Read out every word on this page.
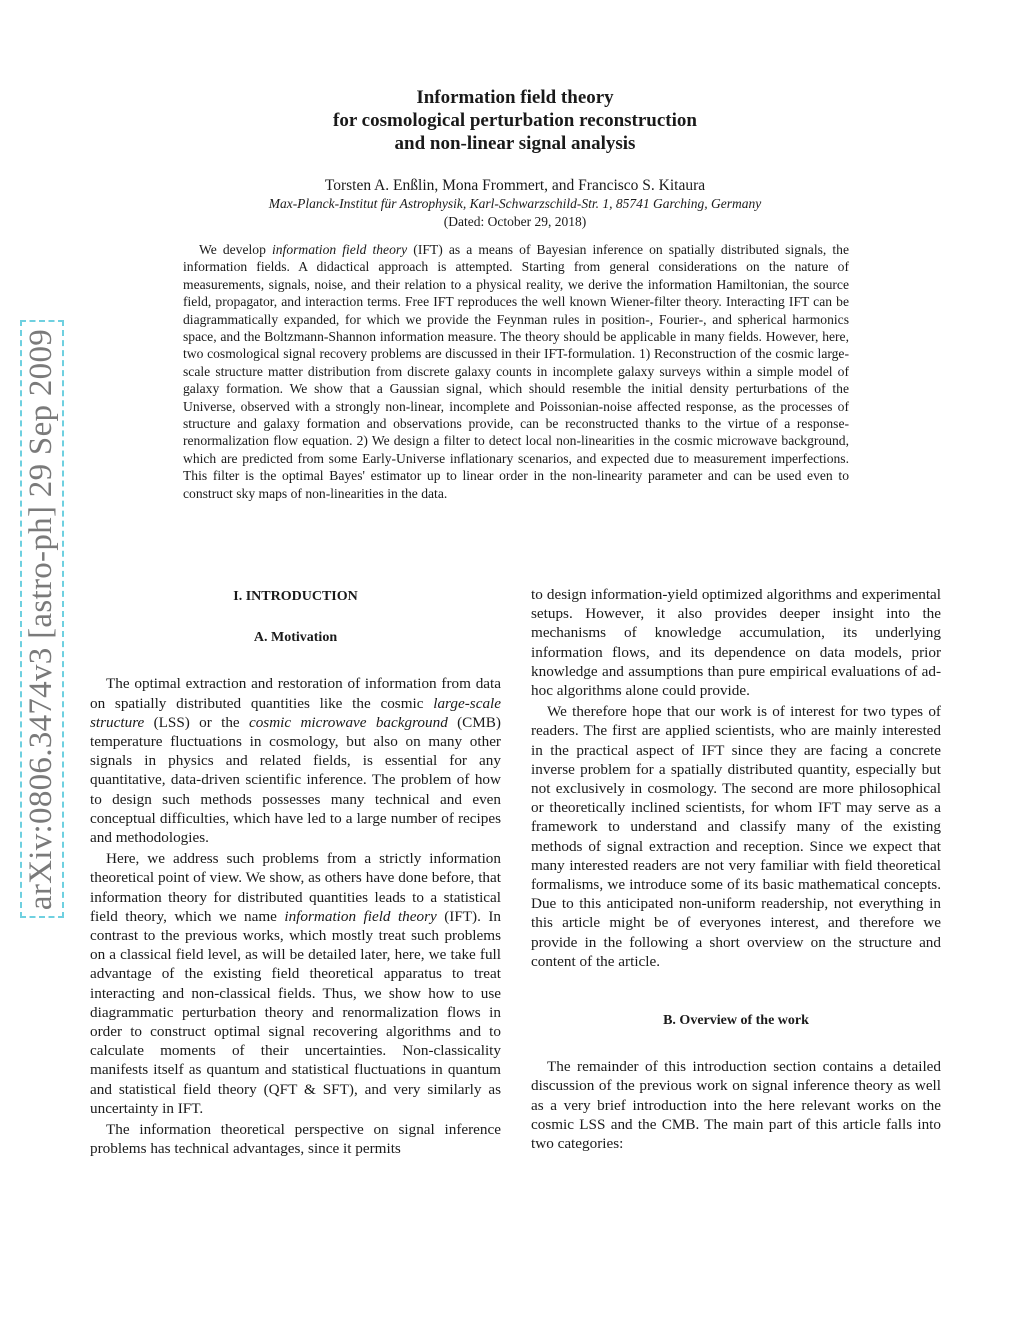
arXiv:0806.3474v3 [astro-ph] 29 Sep 2009
Information field theory
for cosmological perturbation reconstruction
and non-linear signal analysis
Torsten A. Enßlin, Mona Frommert, and Francisco S. Kitaura
Max-Planck-Institut für Astrophysik, Karl-Schwarzschild-Str. 1, 85741 Garching, Germany
(Dated: October 29, 2018)

We develop information field theory (IFT) as a means of Bayesian inference on spatially distributed signals, the information fields. A didactical approach is attempted. Starting from general considerations on the nature of measurements, signals, noise, and their relation to a physical reality, we derive the information Hamiltonian, the source field, propagator, and interaction terms. Free IFT reproduces the well known Wiener-filter theory. Interacting IFT can be diagrammatically expanded, for which we provide the Feynman rules in position-, Fourier-, and spherical harmonics space, and the Boltzmann-Shannon information measure. The theory should be applicable in many fields. However, here, two cosmological signal recovery problems are discussed in their IFT-formulation. 1) Reconstruction of the cosmic large-scale structure matter distribution from discrete galaxy counts in incomplete galaxy surveys within a simple model of galaxy formation. We show that a Gaussian signal, which should resemble the initial density perturbations of the Universe, observed with a strongly non-linear, incomplete and Poissonian-noise affected response, as the processes of structure and galaxy formation and observations provide, can be reconstructed thanks to the virtue of a response-renormalization flow equation. 2) We design a filter to detect local non-linearities in the cosmic microwave background, which are predicted from some Early-Universe inflationary scenarios, and expected due to measurement imperfections. This filter is the optimal Bayes' estimator up to linear order in the non-linearity parameter and can be used even to construct sky maps of non-linearities in the data.

I. INTRODUCTION
A. Motivation

The optimal extraction and restoration of information from data on spatially distributed quantities like the cosmic large-scale structure (LSS) or the cosmic microwave background (CMB) temperature fluctuations in cosmology, but also on many other signals in physics and related fields, is essential for any quantitative, data-driven scientific inference. The problem of how to design such methods possesses many technical and even conceptual difficulties, which have led to a large number of recipes and methodologies.

Here, we address such problems from a strictly information theoretical point of view. We show, as others have done before, that information theory for distributed quantities leads to a statistical field theory, which we name information field theory (IFT). In contrast to the previous works, which mostly treat such problems on a classical field level, as will be detailed later, here, we take full advantage of the existing field theoretical apparatus to treat interacting and non-classical fields. Thus, we show how to use diagrammatic perturbation theory and renormalization flows in order to construct optimal signal recovering algorithms and to calculate moments of their uncertainties. Non-classicality manifests itself as quantum and statistical fluctuations in quantum and statistical field theory (QFT & SFT), and very similarly as uncertainty in IFT.

The information theoretical perspective on signal inference problems has technical advantages, since it permits

to design information-yield optimized algorithms and experimental setups. However, it also provides deeper insight into the mechanisms of knowledge accumulation, its underlying information flows, and its dependence on data models, prior knowledge and assumptions than pure empirical evaluations of ad-hoc algorithms alone could provide.

We therefore hope that our work is of interest for two types of readers. The first are applied scientists, who are mainly interested in the practical aspect of IFT since they are facing a concrete inverse problem for a spatially distributed quantity, especially but not exclusively in cosmology. The second are more philosophical or theoretically inclined scientists, for whom IFT may serve as a framework to understand and classify many of the existing methods of signal extraction and reception. Since we expect that many interested readers are not very familiar with field theoretical formalisms, we introduce some of its basic mathematical concepts. Due to this anticipated non-uniform readership, not everything in this article might be of everyones interest, and therefore we provide in the following a short overview on the structure and content of the article.

B. Overview of the work

The remainder of this introduction section contains a detailed discussion of the previous work on signal inference theory as well as a very brief introduction into the here relevant works on the cosmic LSS and the CMB. The main part of this article falls into two categories:
